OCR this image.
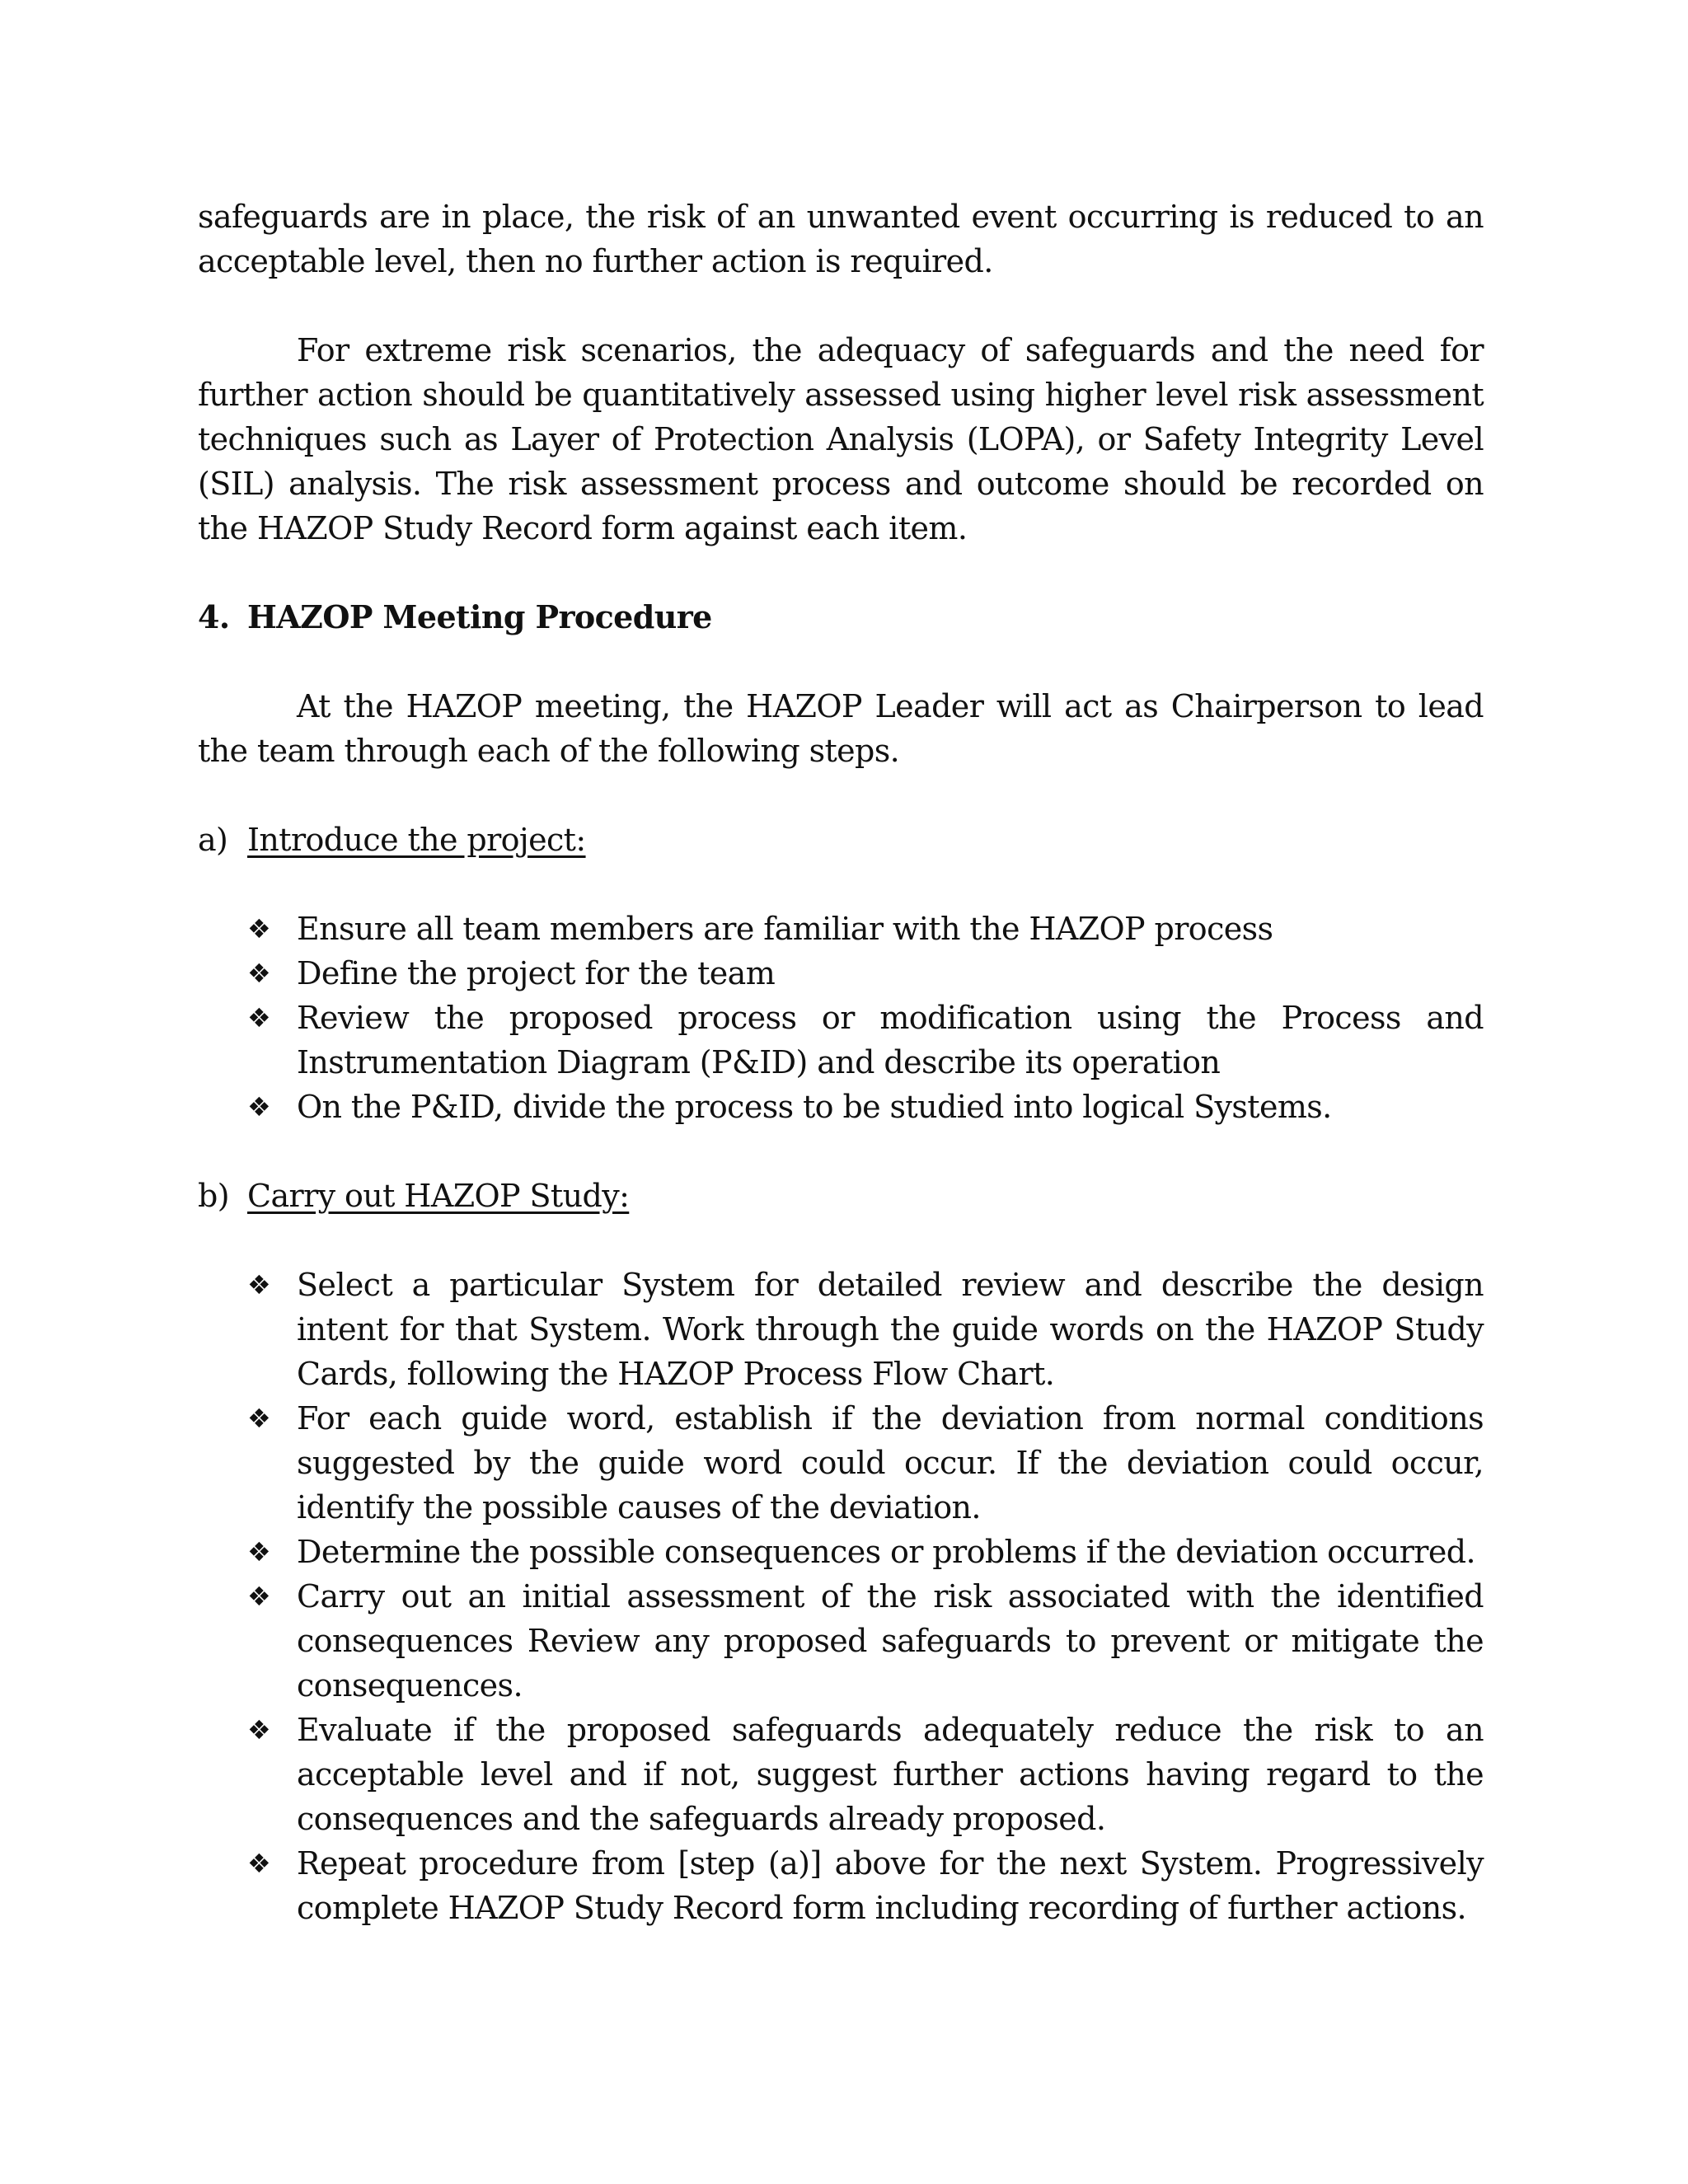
safeguards are in place, the risk of an unwanted event occurring is reduced to an acceptable level, then no further action is required.

For extreme risk scenarios, the adequacy of safeguards and the need for further action should be quantitatively assessed using higher level risk assessment techniques such as Layer of Protection Analysis (LOPA), or Safety Integrity Level (SIL) analysis. The risk assessment process and outcome should be recorded on the HAZOP Study Record form against each item.

4. HAZOP Meeting Procedure

At the HAZOP meeting, the HAZOP Leader will act as Chairperson to lead the team through each of the following steps.

a) Introduce the project:
❖ Ensure all team members are familiar with the HAZOP process
❖ Define the project for the team
❖ Review the proposed process or modification using the Process and Instrumentation Diagram (P&ID) and describe its operation
❖ On the P&ID, divide the process to be studied into logical Systems.
b) Carry out HAZOP Study:
❖ Select a particular System for detailed review and describe the design intent for that System. Work through the guide words on the HAZOP Study Cards, following the HAZOP Process Flow Chart.
❖ For each guide word, establish if the deviation from normal conditions suggested by the guide word could occur. If the deviation could occur, identify the possible causes of the deviation.
❖ Determine the possible consequences or problems if the deviation occurred.
❖ Carry out an initial assessment of the risk associated with the identified consequences Review any proposed safeguards to prevent or mitigate the consequences.
❖ Evaluate if the proposed safeguards adequately reduce the risk to an acceptable level and if not, suggest further actions having regard to the consequences and the safeguards already proposed.
❖ Repeat procedure from [step (a)] above for the next System. Progressively complete HAZOP Study Record form including recording of further actions.
